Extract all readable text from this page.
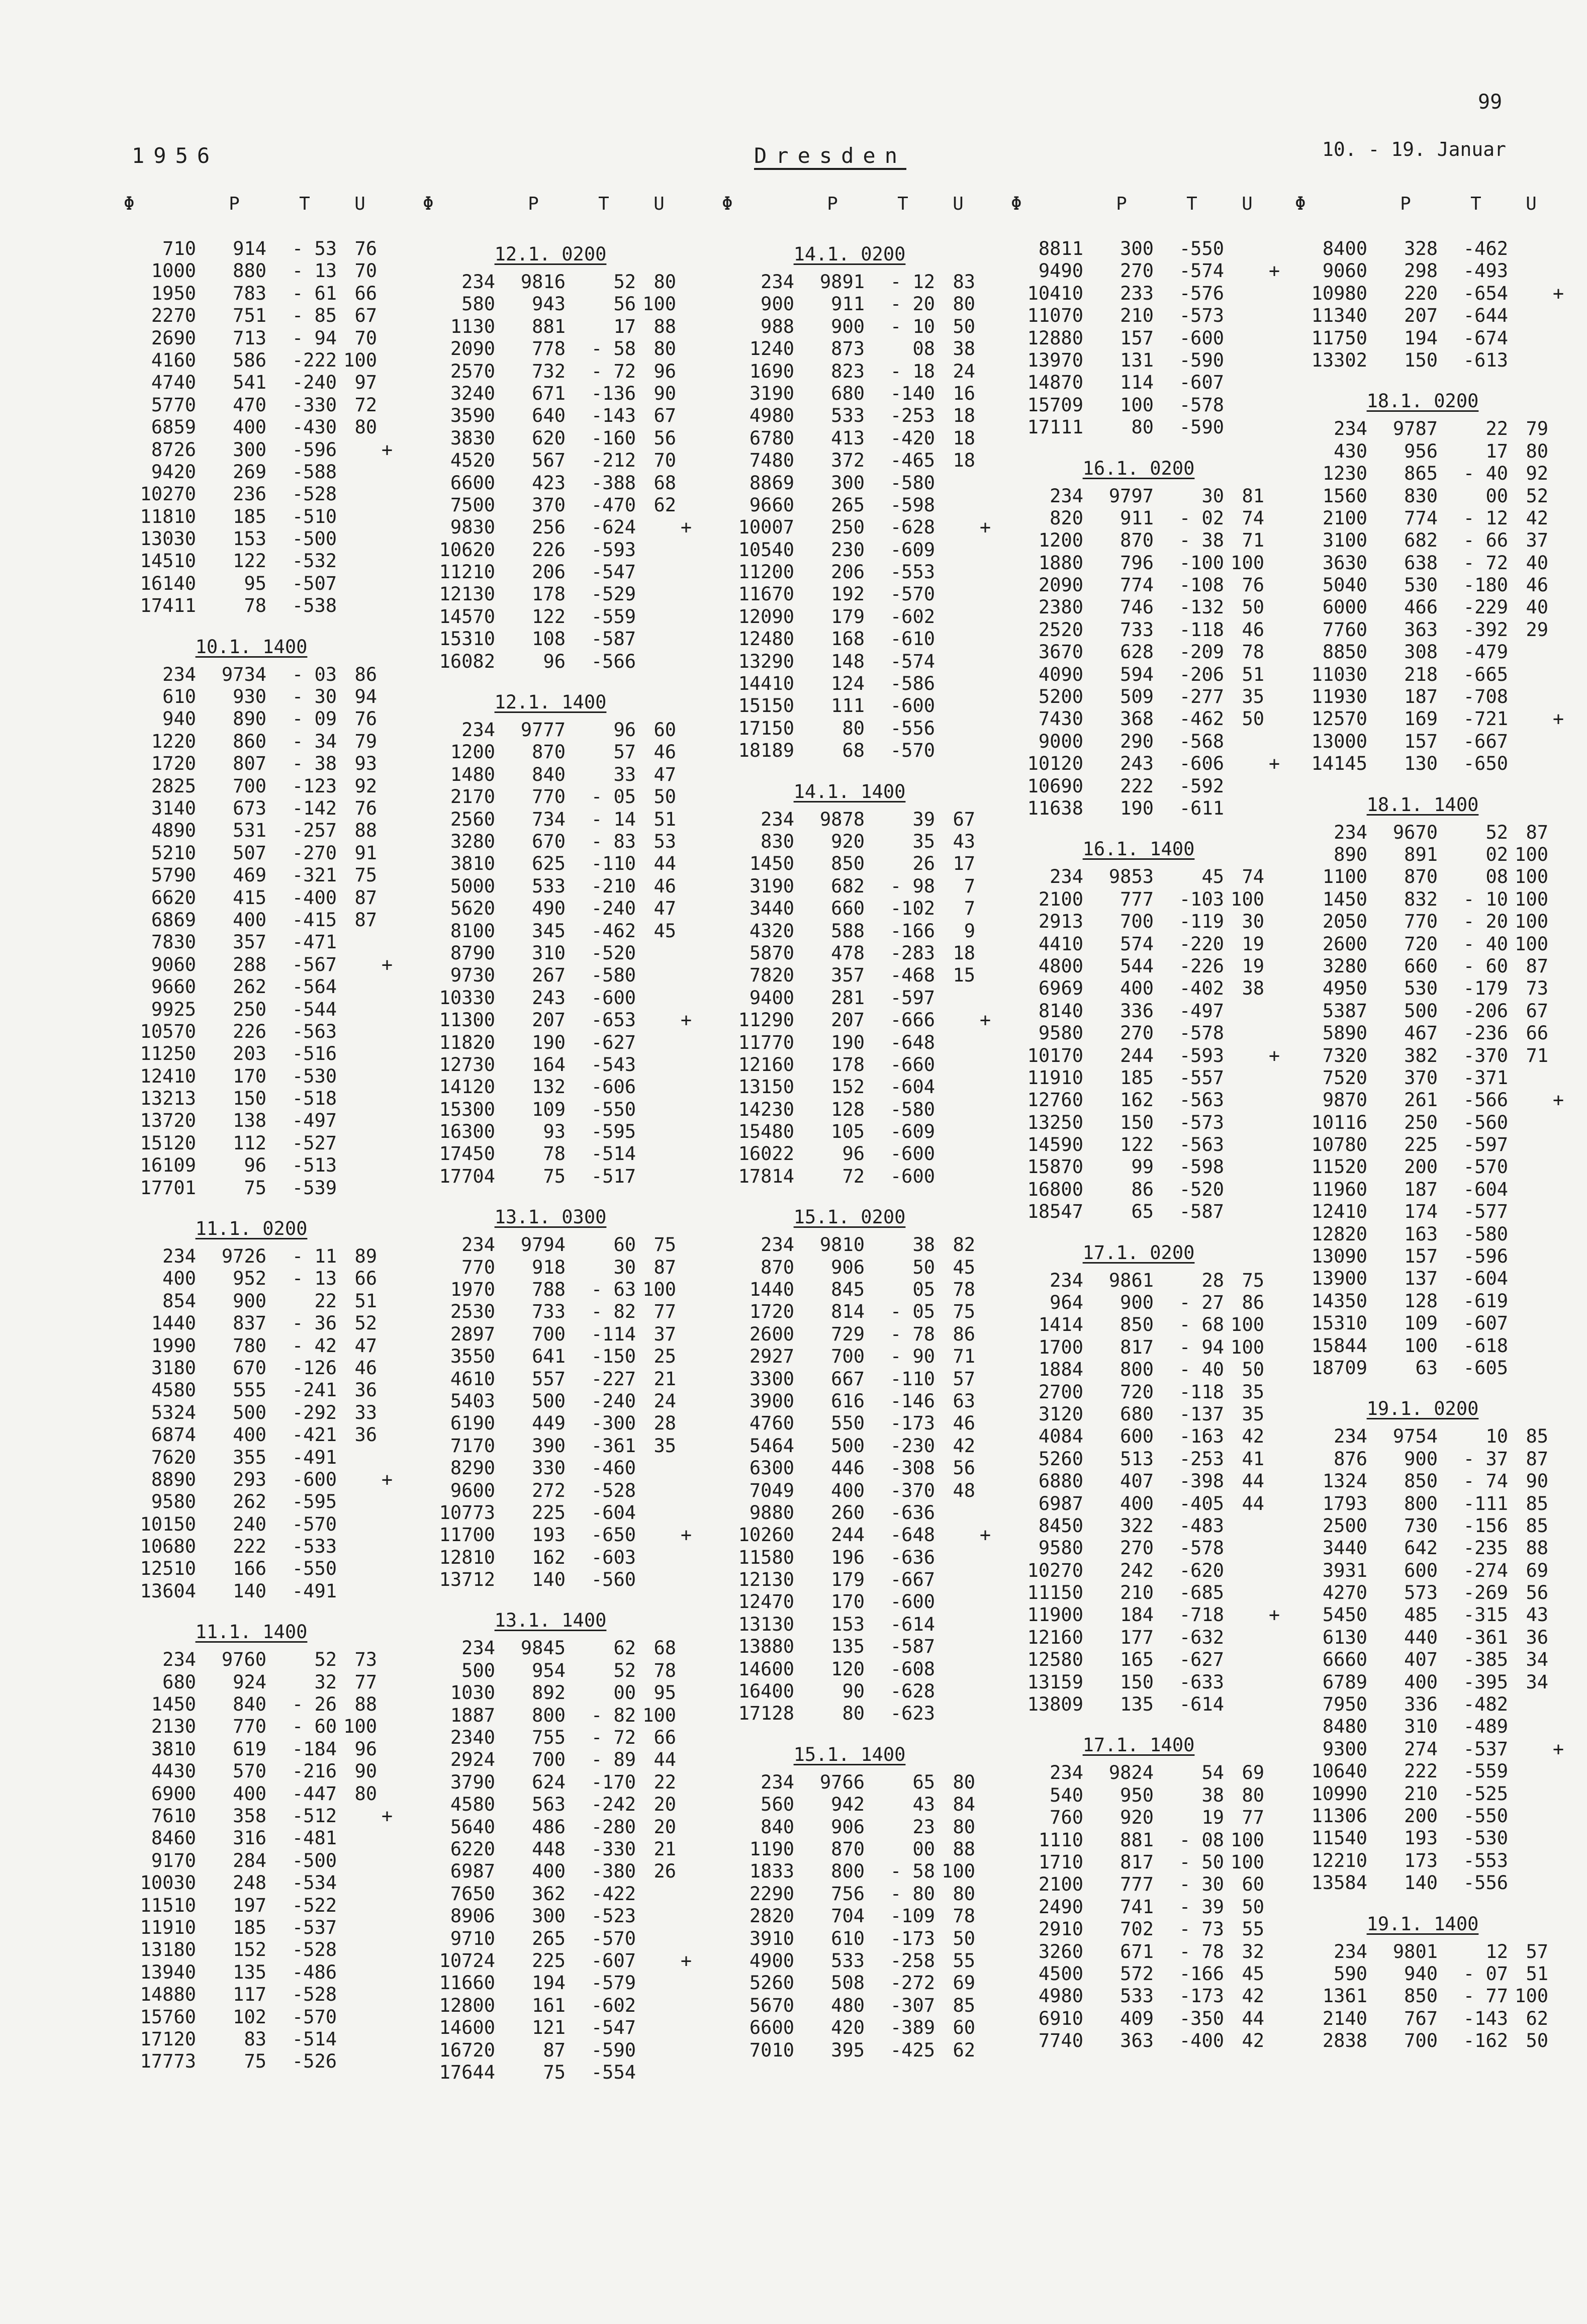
99
1956	Dresden	10. - 19. Januar
Φ	P	T	U
710	914	- 53 76
1000	880	- 13 70
1950	783	- 61 66
2270	751	- 85 67
2690	713	- 94 70
4160	586	-222 100
4740	541	-240 97
5770	470	-330 72
6859	400	-430 80
8726	300	-596 +
9420	269	-588
10270	236	-528
11810	185	-510
13030	153	-500
14510	122	-532
16140	95	-507
17411	78	-538
10.1. 1400
234	9734	- 03 86
610	930	- 30 94
940	890	- 09 76
1220	860	- 34 79
1720	807	- 38 93
2825	700	-123 92
3140	673	-142 76
4890	531	-257 88
5210	507	-270 91
5790	469	-321 75
6620	415	-400 87
6869	400	-415 87
7830	357	-471
9060	288	-567 +
9660	262	-564
9925	250	-544
10570	226	-563
11250	203	-516
12410	170	-530
13213	150	-518
13720	138	-497
15120	112	-527
16109	96	-513
17701	75	-539
11.1. 0200
234	9726	- 11 89
400	952	- 13 66
854	900	22 51
1440	837	- 36 52
1990	780	- 42 47
3180	670	-126 46
4580	555	-241 36
5324	500	-292 33
6874	400	-421 36
7620	355	-491
8890	293	-600 +
9580	262	-595
10150	240	-570
10680	222	-533
12510	166	-550
13604	140	-491
11.1. 1400
234	9760	52 73
680	924	32 77
1450	840	- 26 88
2130	770	- 60 100
3810	619	-184 96
4430	570	-216 90
6900	400	-447 80
7610	358	-512 +
8460	316	-481
9170	284	-500
10030	248	-534
11510	197	-522
11910	185	-537
13180	152	-528
13940	135	-486
14880	117	-528
15760	102	-570
17120	83	-514
17773	75	-526
Φ	P	T	U
12.1. 0200
234	9816	52 80
580	943	56 100
1130	881	17 88
2090	778	- 58 80
2570	732	- 72 96
3240	671	-136 90
3590	640	-143 67
3830	620	-160 56
4520	567	-212 70
6600	423	-388 68
7500	370	-470 62
9830	256	-624 +
10620	226	-593
11210	206	-547
12130	178	-529
14570	122	-559
15310	108	-587
16082	96	-566
12.1. 1400
234	9777	96 60
1200	870	57 46
1480	840	33 47
2170	770	- 05 50
2560	734	- 14 51
3280	670	- 83 53
3810	625	-110 44
5000	533	-210 46
5620	490	-240 47
8100	345	-462 45
8790	310	-520
9730	267	-580
10330	243	-600
11300	207	-653 +
11820	190	-627
12730	164	-543
14120	132	-606
15300	109	-550
16300	93	-595
17450	78	-514
17704	75	-517
13.1. 0300
234	9794	60 75
770	918	30 87
1970	788	- 63 100
2530	733	- 82 77
2897	700	-114 37
3550	641	-150 25
4610	557	-227 21
5403	500	-240 24
6190	449	-300 28
7170	390	-361 35
8290	330	-460
9600	272	-528
10773	225	-604
11700	193	-650 +
12810	162	-603
13712	140	-560
13.1. 1400
234	9845	62 68
500	954	52 78
1030	892	00 95
1887	800	- 82 100
2340	755	- 72 66
2924	700	- 89 44
3790	624	-170 22
4580	563	-242 20
5640	486	-280 20
6220	448	-330 21
6987	400	-380 26
7650	362	-422
8906	300	-523
9710	265	-570
10724	225	-607 +
11660	194	-579
12800	161	-602
14600	121	-547
16720	87	-590
17644	75	-554
Φ	P	T	U
14.1. 0200
234	9891	- 12 83
900	911	- 20 80
988	900	- 10 50
1240	873	08 38
1690	823	- 18 24
3190	680	-140 16
4980	533	-253 18
6780	413	-420 18
7480	372	-465 18
8869	300	-580
9660	265	-598
10007	250	-628 +
10540	230	-609
11200	206	-553
11670	192	-570
12090	179	-602
12480	168	-610
13290	148	-574
14410	124	-586
15150	111	-600
17150	80	-556
18189	68	-570
14.1. 1400
234	9878	39 67
830	920	35 43
1450	850	26 17
3190	682	- 98	7
3440	660	-102	7
4320	588	-166	9
5870	478	-283 18
7820	357	-468 15
9400	281	-597
11290	207	-666 +
11770	190	-648
12160	178	-660
13150	152	-604
14230	128	-580
15480	105	-609
16022	96	-600
17814	72	-600
15.1. 0200
234	9810	38 82
870	906	50 45
1440	845	05 78
1720	814	- 05 75
2600	729	- 78 86
2927	700	- 90 71
3300	667	-110 57
3900	616	-146 63
4760	550	-173 46
5464	500	-230 42
6300	446	-308 56
7049	400	-370 48
9880	260	-636
10260	244	-648 +
11580	196	-636
12130	179	-667
12470	170	-600
13130	153	-614
13880	135	-587
14600	120	-608
16400	90	-628
17128	80	-623
15.1. 1400
234	9766	65 80
560	942	43 84
840	906	23 80
1190	870	00 88
1833	800	- 58 100
2290	756	- 80 80
2820	704	-109 78
3910	610	-173 50
4900	533	-258 55
5260	508	-272 69
5670	480	-307 85
6600	420	-389 60
7010	395	-425 62
Φ	P	T	U
8811	300	-550
9490	270	-574 +
10410	233	-576
11070	210	-573
12880	157	-600
13970	131	-590
14870	114	-607
15709	100	-578
17111	80	-590
16.1. 0200
234	9797	30 81
820	911	- 02 74
1200	870	- 38 71
1880	796	-100 100
2090	774	-108 76
2380	746	-132 50
2520	733	-118 46
3670	628	-209 78
4090	594	-206 51
5200	509	-277 35
7430	368	-462 50
9000	290	-568
10120	243	-606 +
10690	222	-592
11638	190	-611
16.1. 1400
234	9853	45 74
2100	777	-103 100
2913	700	-119 30
4410	574	-220 19
4800	544	-226 19
6969	400	-402 38
8140	336	-497
9580	270	-578
10170	244	-593 +
11910	185	-557
12760	162	-563
13250	150	-573
14590	122	-563
15870	99	-598
16800	86	-520
18547	65	-587
17.1. 0200
234	9861	28 75
964	900	- 27 86
1414	850	- 68 100
1700	817	- 94 100
1884	800	- 40 50
2700	720	-118 35
3120	680	-137 35
4084	600	-163 42
5260	513	-253 41
6880	407	-398 44
6987	400	-405 44
8450	322	-483
9580	270	-578
10270	242	-620
11150	210	-685
11900	184	-718 +
12160	177	-632
12580	165	-627
13159	150	-633
13809	135	-614
17.1. 1400
234	9824	54 69
540	950	38 80
760	920	19 77
1110	881	- 08 100
1710	817	- 50 100
2100	777	- 30 60
2490	741	- 39 50
2910	702	- 73 55
3260	671	- 78 32
4500	572	-166 45
4980	533	-173 42
6910	409	-350 44
7740	363	-400 42
Φ	P	T	U
8400	328	-462
9060	298	-493
10980	220	-654 +
11340	207	-644
11750	194	-674
13302	150	-613
18.1. 0200
234	9787	22 79
430	956	17 80
1230	865	- 40 92
1560	830	00 52
2100	774	- 12 42
3100	682	- 66 37
3630	638	- 72 40
5040	530	-180 46
6000	466	-229 40
7760	363	-392 29
8850	308	-479
11030	218	-665
11930	187	-708
12570	169	-721 +
13000	157	-667
14145	130	-650
18.1. 1400
234	9670	52 87
890	891	02 100
1100	870	08 100
1450	832	- 10 100
2050	770	- 20 100
2600	720	- 40 100
3280	660	- 60 87
4950	530	-179 73
5387	500	-206 67
5890	467	-236 66
7320	382	-370 71
7520	370	-371
9870	261	-566 +
10116	250	-560
10780	225	-597
11520	200	-570
11960	187	-604
12410	174	-577
12820	163	-580
13090	157	-596
13900	137	-604
14350	128	-619
15310	109	-607
15844	100	-618
18709	63	-605
19.1. 0200
234	9754	10 85
876	900	- 37 87
1324	850	- 74 90
1793	800	-111 85
2500	730	-156 85
3440	642	-235 88
3931	600	-274 69
4270	573	-269 56
5450	485	-315 43
6130	440	-361 36
6660	407	-385 34
6789	400	-395 34
7950	336	-482
8480	310	-489
9300	274	-537 +
10640	222	-559
10990	210	-525
11306	200	-550
11540	193	-530
12210	173	-553
13584	140	-556
19.1. 1400
234	9801	12 57
590	940	- 07 51
1361	850	- 77 100
2140	767	-143 62
2838	700	-162 50
